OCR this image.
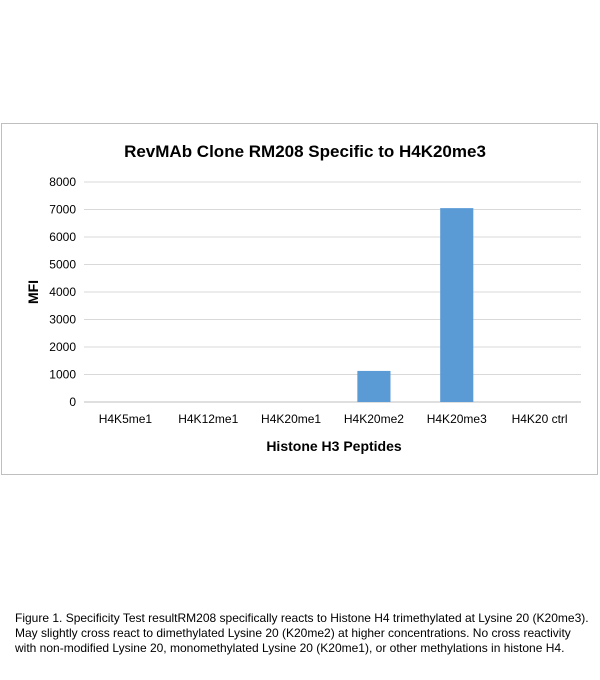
RevMAb Clone RM208 Specific to H4K20me3
0
1000
2000
3000
4000
5000
6000
7000
8000
H4K5me1 H4K12me1 H4K20me1 H4K20me2 H4K20me3 H4K20 ctrl
Histone H3 Peptides
MFI
Figure 1. Specificity Test resultRM208 specifically reacts to Histone H4 trimethylated at Lysine 20 (K20me3). May slightly cross react to dimethylated Lysine 20 (K20me2) at higher concentrations. No cross reactivity with non-modified Lysine 20, monomethylated Lysine 20 (K20me1), or other methylations in histone H4.
